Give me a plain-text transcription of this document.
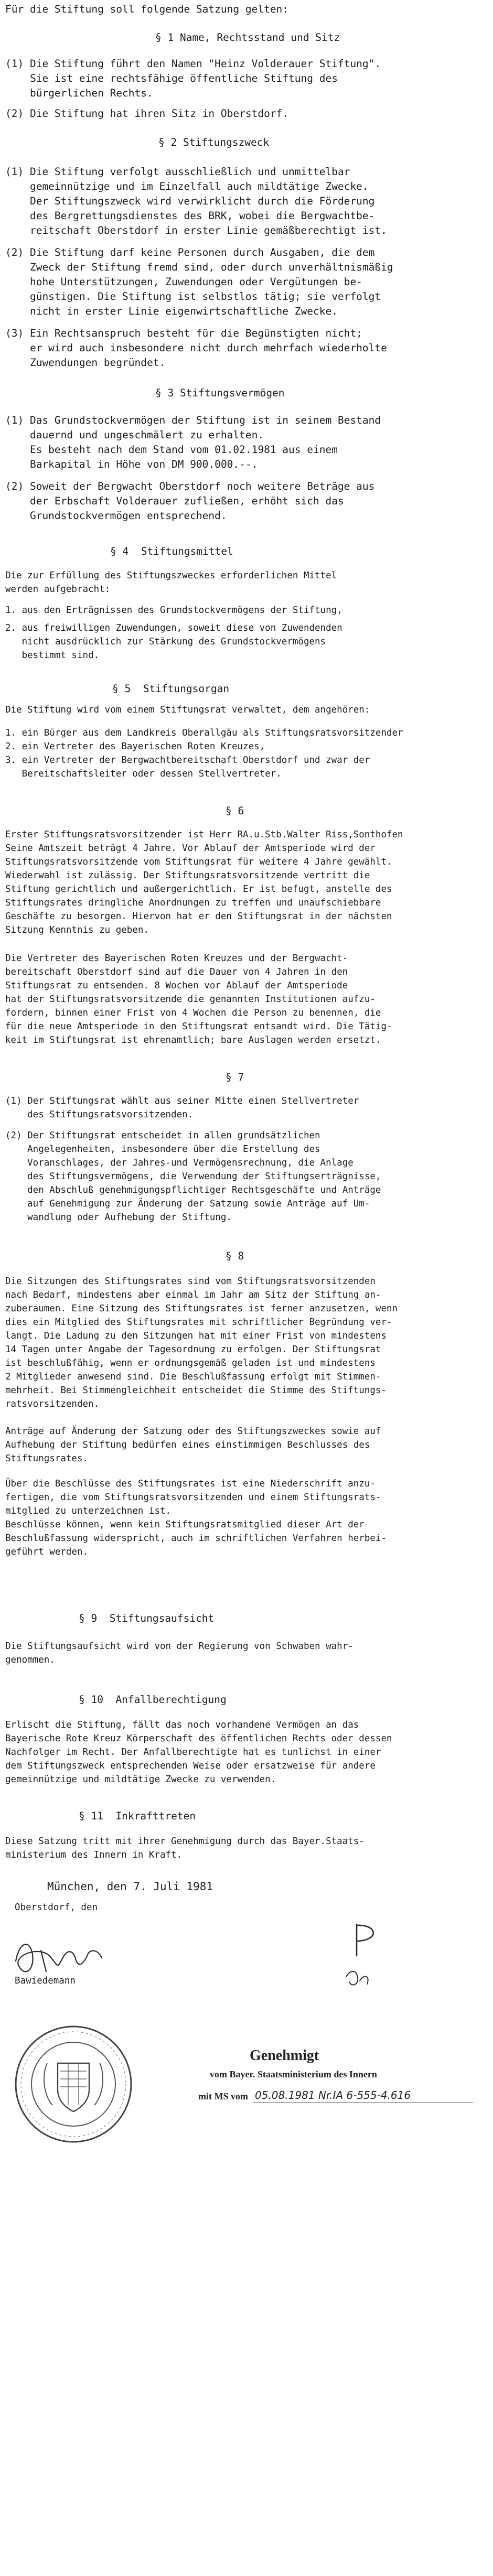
Für die Stiftung soll folgende Satzung gelten:
§ 1 Name, Rechtsstand und Sitz
(1) Die Stiftung führt den Namen "Heinz Volderauer Stiftung".
Sie ist eine rechtsfähige öffentliche Stiftung des
bürgerlichen Rechts.
(2) Die Stiftung hat ihren Sitz in Oberstdorf.
§ 2 Stiftungszweck
(1) Die Stiftung verfolgt ausschließlich und unmittelbar
gemeinnützige und im Einzelfall auch mildtätige Zwecke.
Der Stiftungszweck wird verwirklicht durch die Förderung
des Bergrettungsdienstes des BRK, wobei die Bergwachtbe-
reitschaft Oberstdorf in erster Linie gemäßberechtigt ist.
(2) Die Stiftung darf keine Personen durch Ausgaben, die dem
Zweck der Stiftung fremd sind, oder durch unverhältnismäßig
hohe Unterstützungen, Zuwendungen oder Vergütungen be-
günstigen. Die Stiftung ist selbstlos tätig; sie verfolgt
nicht in erster Linie eigenwirtschaftliche Zwecke.
(3) Ein Rechtsanspruch besteht für die Begünstigten nicht;
er wird auch insbesondere nicht durch mehrfach wiederholte
Zuwendungen begründet.
§ 3 Stiftungsvermögen
(1) Das Grundstockvermögen der Stiftung ist in seinem Bestand
dauernd und ungeschmälert zu erhalten.
Es besteht nach dem Stand vom 01.02.1981 aus einem
Barkapital in Höhe von DM 900.000.--.
(2) Soweit der Bergwacht Oberstdorf noch weitere Beträge aus
der Erbschaft Volderauer zufließen, erhöht sich das
Grundstockvermögen entsprechend.
§ 4  Stiftungsmittel
Die zur Erfüllung des Stiftungszweckes erforderlichen Mittel
werden aufgebracht:
1. aus den Erträgnissen des Grundstockvermögens der Stiftung,
2. aus freiwilligen Zuwendungen, soweit diese von Zuwendenden
nicht ausdrücklich zur Stärkung des Grundstockvermögens
bestimmt sind.
§ 5  Stiftungsorgan
Die Stiftung wird vom einem Stiftungsrat verwaltet, dem angehören:
1. ein Bürger aus dem Landkreis Oberallgäu als Stiftungsratsvorsitzender
2. ein Vertreter des Bayerischen Roten Kreuzes,
3. ein Vertreter der Bergwachtbereitschaft Oberstdorf und zwar der
Bereitschaftsleiter oder dessen Stellvertreter.
§ 6
Erster Stiftungsratsvorsitzender ist Herr RA.u.Stb.Walter Riss,Sonthofen
Seine Amtszeit beträgt 4 Jahre. Vor Ablauf der Amtsperiode wird der
Stiftungsratsvorsitzende vom Stiftungsrat für weitere 4 Jahre gewählt.
Wiederwahl ist zulässig. Der Stiftungsratsvorsitzende vertritt die
Stiftung gerichtlich und außergerichtlich. Er ist befugt, anstelle des
Stiftungsrates dringliche Anordnungen zu treffen und unaufschiebbare
Geschäfte zu besorgen. Hiervon hat er den Stiftungsrat in der nächsten
Sitzung Kenntnis zu geben.
Die Vertreter des Bayerischen Roten Kreuzes und der Bergwacht-
bereitschaft Oberstdorf sind auf die Dauer von 4 Jahren in den
Stiftungsrat zu entsenden. 8 Wochen vor Ablauf der Amtsperiode
hat der Stiftungsratsvorsitzende die genannten Institutionen aufzu-
fordern, binnen einer Frist von 4 Wochen die Person zu benennen, die
für die neue Amtsperiode in den Stiftungsrat entsandt wird. Die Tätig-
keit im Stiftungsrat ist ehrenamtlich; bare Auslagen werden ersetzt.
§ 7
(1) Der Stiftungsrat wählt aus seiner Mitte einen Stellvertreter
des Stiftungsratsvorsitzenden.
(2) Der Stiftungsrat entscheidet in allen grundsätzlichen
Angelegenheiten, insbesondere über die Erstellung des
Voranschlages, der Jahres-und Vermögensrechnung, die Anlage
des Stiftungsvermögens, die Verwendung der Stiftungserträgnisse,
den Abschluß genehmigungspflichtiger Rechtsgeschäfte und Anträge
auf Genehmigung zur Änderung der Satzung sowie Anträge auf Um-
wandlung oder Aufhebung der Stiftung.
§ 8
Die Sitzungen des Stiftungsrates sind vom Stiftungsratsvorsitzenden
nach Bedarf, mindestens aber einmal im Jahr am Sitz der Stiftung an-
zuberaumen. Eine Sitzung des Stiftungsrates ist ferner anzusetzen, wenn
dies ein Mitglied des Stiftungsrates mit schriftlicher Begründung ver-
langt. Die Ladung zu den Sitzungen hat mit einer Frist von mindestens
14 Tagen unter Angabe der Tagesordnung zu erfolgen. Der Stiftungsrat
ist beschlußfähig, wenn er ordnungsgemäß geladen ist und mindestens
2 Mitglieder anwesend sind. Die Beschlußfassung erfolgt mit Stimmen-
mehrheit. Bei Stimmengleichheit entscheidet die Stimme des Stiftungs-
ratsvorsitzenden.
Anträge auf Änderung der Satzung oder des Stiftungszweckes sowie auf
Aufhebung der Stiftung bedürfen eines einstimmigen Beschlusses des
Stiftungsrates.
Über die Beschlüsse des Stiftungsrates ist eine Niederschrift anzu-
fertigen, die vom Stiftungsratsvorsitzenden und einem Stiftungsrats-
mitglied zu unterzeichnen ist.
Beschlüsse können, wenn kein Stiftungsratsmitglied dieser Art der
Beschlußfassung widerspricht, auch im schriftlichen Verfahren herbei-
geführt werden.
§ 9  Stiftungsaufsicht
Die Stiftungsaufsicht wird von der Regierung von Schwaben wahr-
genommen.
§ 10  Anfallberechtigung
Erlischt die Stiftung, fällt das noch vorhandene Vermögen an das
Bayerische Rote Kreuz Körperschaft des öffentlichen Rechts oder dessen
Nachfolger im Recht. Der Anfallberechtigte hat es tunlichst in einer
dem Stiftungszweck entsprechenden Weise oder ersatzweise für andere
gemeinnützige und mildtätige Zwecke zu verwenden.
§ 11  Inkrafttreten
Diese Satzung tritt mit ihrer Genehmigung durch das Bayer.Staats-
ministerium des Innern in Kraft.
München, den 7. Juli 1981
Oberstdorf, den
Bawiedemann
Genehmigt
vom Bayer. Staatsministerium des Innern
mit MS vom 05.08.1981 Nr.IA 6-555-4.616
